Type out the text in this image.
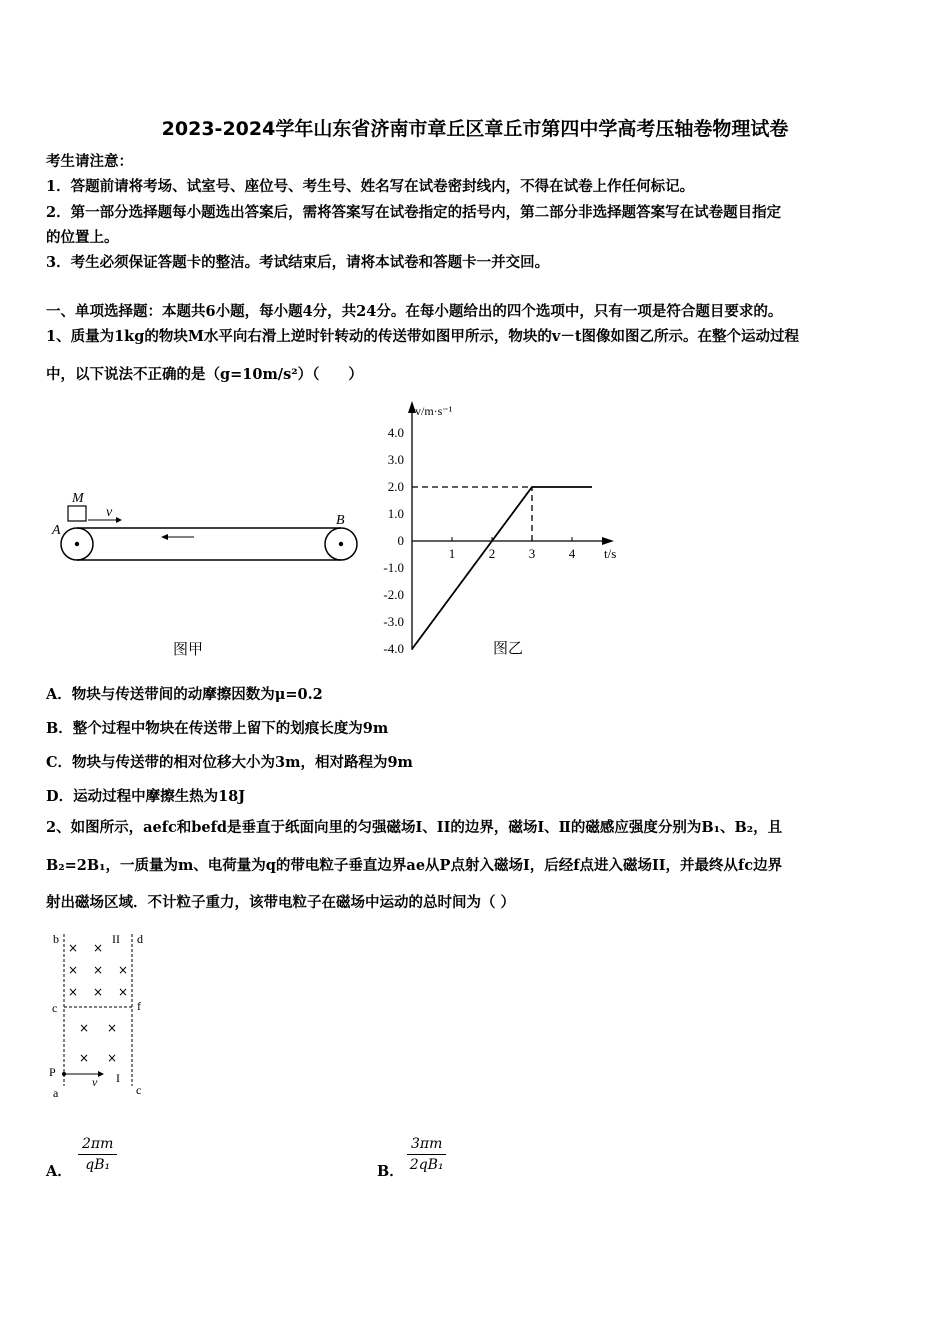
2023-2024学年山东省济南市章丘区章丘市第四中学高考压轴卷物理试卷
考生请注意：
1．答题前请将考场、试室号、座位号、考生号、姓名写在试卷密封线内，不得在试卷上作任何标记。
2．第一部分选择题每小题选出答案后，需将答案写在试卷指定的括号内，第二部分非选择题答案写在试卷题目指定
的位置上。
3．考生必须保证答题卡的整洁。考试结束后，请将本试卷和答题卡一并交回。
一、单项选择题：本题共6小题，每小题4分，共24分。在每小题给出的四个选项中，只有一项是符合题目要求的。
1、质量为1kg的物块M水平向右滑上逆时针转动的传送带如图甲所示，物块的v－t图像如图乙所示。在整个运动过程
中，以下说法不正确的是（g=10m/s²）（　　）
M
v
A
B
图甲
v/m·s⁻¹
t/s
4.0
3.0
2.0
1.0
0
-1.0
-2.0
-3.0
-4.0
1	2	3	4
图乙
A．物块与传送带间的动摩擦因数为μ=0.2
B．整个过程中物块在传送带上留下的划痕长度为9m
C．物块与传送带的相对位移大小为3m，相对路程为9m
D．运动过程中摩擦生热为18J
2、如图所示，aefc和befd是垂直于纸面向里的匀强磁场I、II的边界，磁场I、Ⅱ的磁感应强度分别为B₁、B₂，且
B₂=2B₁，一质量为m、电荷量为q的带电粒子垂直边界ae从P点射入磁场I，后经f点进入磁场II，并最终从fc边界
射出磁场区域．不计粒子重力，该带电粒子在磁场中运动的总时间为（ ）
b	II d
c	f
P
v I
a	c
× ×
× × ×
× × ×
× ×
× ×
A． $\frac{2\pi m}{\text{qB₁}}$	B． $\frac{3\pi m}{\text{2qB₁}}$
